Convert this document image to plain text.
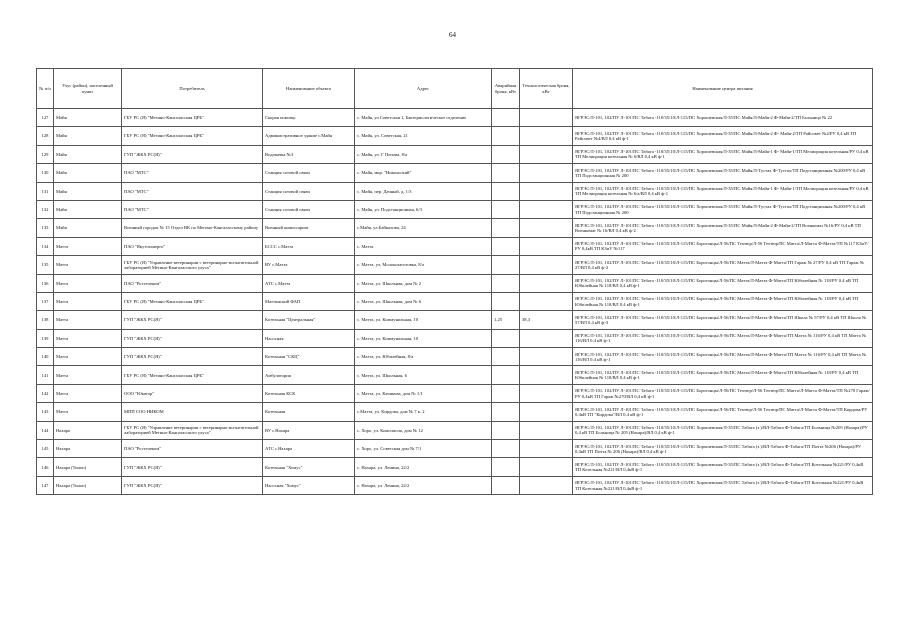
64
№ п/п	Улус (район), населенный пункт	Потребитель	Наименование объекта	Адрес	Аварийная броня, кВт	Технологическая броня, кВт	Наименование центра питания
127	Майя	ГБУ РС (Я) "Мегино-Кангаласская ЦРБ"	Скорая помощь	с. Майя, ул.Советская 1, Бактериологическое отделение			ЯГРЭС/Л-101, 102/ПУ Л-101/ПС Табага -110/35/10/Л-115/ПС Хорошевская/Л-35/ПС Майя/Л-Майя-2 Ф-Майя-2/ТП Больница № 22
128	Майя	ГБУ РС (Я) "Мегино-Кангаласская ЦРБ"	Административное здание с.Майя	с. Майя, ул. Советская, 21			ЯГРЭС/Л-101, 102/ПУ Л-101/ПС Табага -110/35/10/Л-115/ПС Хорошевская/Л-35/ПС Майя/Л-Майя-2 Ф- Майя-2/ТП Райсовет №4/РУ 0,4 кВ ТП Райсовет №4/ВЛ 0,4 кВ ф-1
129	Майя	ГУП "ЖКХ РС(Я)"	Водокачка №3	с. Майя, ул. Г Попова, 8/а			ЯГРЭС/Л-101, 102/ПУ Л-101/ПС Табага -110/35/10/Л-115/ПС Хорошевская/Л-35/ПС Майя/Л-Майя-1 Ф- Майя-1/ТП Мелиорация котельная/РУ 0,4 кВ ТП Мелиорация котельная № 6/ВЛ 0,4 кВ ф-1
130	Майя	ПАО "МТС"	Станция сотовой связи	с. Майя, мкр. "Никольский"			ЯГРЭС/Л-101, 102/ПУ Л-101/ПС Табага -110/35/10/Л-115/ПС Хорошевская/Л-35/ПС Майя/Л-Тустах Ф-Тустах/ТП Подстанционная №200/РУ 0,4 кВ ТП Подстанционная № 200
131	Майя	ПАО "МТС"	Станция сотовой связи	с. Майя, пер. Дачный, д. 1/3			ЯГРЭС/Л-101, 102/ПУ Л-101/ПС Табага -110/35/10/Л-115/ПС Хорошевская/Л-35/ПС Майя/Л-Майя-1 Ф- Майя-1/ТП Мелиорация котельная/РУ 0,4 кВ ТП Мелиорация котельная № 6/а/ВЛ 0,4 кВ ф-1
132	Майя	ПАО "МТС"	Станция сотовой связи	с. Майя, ул. Подстанционная, 6/3			ЯГРЭС/Л-101, 102/ПУ Л-101/ПС Табага -110/35/10/Л-115/ПС Хорошевская/Л-35/ПС Майя/Л-Тустах Ф-Тустах/ТП Подстанционная №200/РУ 0,4 кВ ТП Подстанционная № 200
133	Майя	Военный городок № 15 Отдел ВК по Мегино-Кангаласскому району	Военный комиссариат	с.Майя, ул.Байкалова, 24			ЯГРЭС/Л-101, 102/ПУ Л-101/ПС Табага -110/35/10/Л-115/ПС Хорошевская/Л-35/ПС Майя/Л-Майя-2 Ф-Майя-2/ТП Военкомат №16/РУ 0,4 кВ ТП Военкомат № 16/ВЛ 0,4 кВ ф-2
134	Матта	ПАО "Якутскэнерго"	БССС с.Матта	с. Матта			ЯГРЭС/Л-101, 102/ПУ Л-101/ПС Табага -110/35/10/Л-115/ПС Борогонцы/Л-56/ПС Техтюр/Л-56 Техтюр/ПС Матта/Л-Матта Ф-Матта/ТП №117 КЗиУ/РУ 0,4кВ ТП КЗиУ №117
135	Матта	ГБУ РС (Я) "Управление ветеринарии с ветеринарно-испытательной лабораторией Мегино-Кангаласского улуса"	ВУ с.Матта	с. Матта, ул. Молокозаготовка, 8/а			ЯГРЭС/Л-101, 102/ПУ Л-101/ПС Табага -110/35/10/Л-115/ПС Борогонцы/Л-56/ПС Матта/Л-Матта Ф-Матта/ТП Гараж № 27/РУ 0,4 кВ ТП Гараж № 27/ВЛ 0,4 кВ ф-2
136	Матта	ПАО "Ростелеком"	АТС с.Матта	с. Матта, ул. Школьная, дом № 2			ЯГРЭС/Л-101, 102/ПУ Л-101/ПС Табага -110/35/10/Л-115/ПС Борогонцы/Л-56/ПС Матта/Л-Матта Ф-Матта/ТП Юбилейная № 118/РУ 0,4 кВ ТП Юбилейная № 118/ВЛ 0,4 кВ ф-1
137	Матта	ГБУ РС (Я) "Мегино-Кангаласская ЦРБ"	Маттинский ФАП	с. Матта, ул. Школьная, дом № 6			ЯГРЭС/Л-101, 102/ПУ Л-101/ПС Табага -110/35/10/Л-115/ПС Борогонцы/Л-56/ПС Матта/Л-Матта Ф-Матта/ТП Юбилейная № 118/РУ 0,4 кВ ТП Юбилейная № 118/ВЛ 0,4 кВ ф-1
138	Матта	ГУП "ЖКХ РС(Я)"	Котельная "Центральная"	с. Матта, ул. Коммунальная, 10	1,25	38,3	ЯГРЭС/Л-101, 102/ПУ Л-101/ПС Табага -110/35/10/Л-115/ПС Борогонцы/Л-56/ПС Матта/Л-Матта Ф-Матта/ТП Школа № 57/РУ 0,4 кВ ТП Школа № 57/ВЛ 0,4 кВ ф-3
139	Матта	ГУП "ЖКХ РС(Я)"	Насосная	с. Матта, ул. Коммунальная, 10			ЯГРЭС/Л-101, 102/ПУ Л-101/ПС Табага -110/35/10/Л-115/ПС Борогонцы/Л-56/ПС Матта/Л-Матта Ф-Матта/ТП Матта № 116/РУ 0,4 кВ ТП Матта № 116/ВЛ 0,4 кВ ф-1
140	Матта	ГУП "ЖКХ РС(Я)"	Котельная "СКЦ"	с. Матта, ул. Юбилейная, 8/а			ЯГРЭС/Л-101, 102/ПУ Л-101/ПС Табага -110/35/10/Л-115/ПС Борогонцы/Л-56/ПС Матта/Л-Матта Ф-Матта/ТП Матта № 116/РУ 0,4 кВ ТП Матта № 116/ВЛ 0,4 кВ ф-1
141	Матта	ГБУ РС (Я) "Мегино-Кангаласская ЦРБ"	Амбулатория	с. Матта, ул. Школьная, 6			ЯГРЭС/Л-101, 102/ПУ Л-101/ПС Табага -110/35/10/Л-115/ПС Борогонцы/Л-56/ПС Матта/Л-Матта Ф-Матта/ТП Юбилейная № 118/РУ 0,4 кВ ТП Юбилейная № 118/ВЛ 0,4 кВ ф-1
142	Матта	ООО "Юкатор"	Котельная КСК	с. Матта, ул. Качикова, дом № 1/1			ЯГРЭС/Л-101, 102/ПУ Л-101/ПС Табага -110/35/10/Л-115/ПС Борогонцы/Л-56/ПС Техтюр/Л-56 Техтюр/ПС Матта/Л-Матта Ф-Матта/ТП №270 Гараж/РУ 0,4кВ ТП Гараж №270/ВЛ 0,4 кВ ф-1
143	Матта	МПП СОО НИКОМ	Котельная	с.Матта, ул. Кирдова, дом № 7 к. 2			ЯГРЭС/Л-101, 102/ПУ Л-101/ПС Табага -110/35/10/Л-115/ПС Борогонцы/Л-56/ПС Техтюр/Л-56 Техтюр/ПС Матта/Л-Матта Ф-Матта/ТП Кирдова/РУ 0,4кВ ТП "Кирдова"/ВЛ 0,4 кВ ф-1
144	Нахара	ГБУ РС (Я) "Управление ветеринарии с ветеринарно-испытательной лабораторией Мегино-Кангаласского улуса"	ВУ с.Нахара	с. Хоро, ул. Комсомола, дом № 12			ЯГРЭС/Л-101, 102/ПУ Л-101/ПС Табага -110/35/10/Л-115/ПС Хорошевская/Л-35/ПС Табага (з.)/ВЛ-Табага Ф-Табага/ТП Больница №205 (Нахара)/РУ 0,4 кВ ТП Больница № 205 (Нахара)/ВЛ 0,4 кВ ф-1
145	Нахара	ПАО "Ростелеком"	АТС с.Нахара	с. Хоро, ул. Советская дом № 7/1			ЯГРЭС/Л-101, 102/ПУ Л-101/ПС Табага -110/35/10/Л-115/ПС Хорошевская/Л-35/ПС Табага (з.)/ВЛ-Табага Ф-Табага/ТП Почта №206 (Нахара)/РУ 0,4кВ ТП Почта № 206 (Нахара)/ВЛ 0,4 кВ ф-1
146	Нахара (Тоноп)	ГУП "ЖКХ РС(Я)"	Котельная "Хомус"	с. Нахара, ул. Ленина, 22/2			ЯГРЭС/Л-101, 102/ПУ Л-101/ПС Табага -110/35/10/Л-115/ПС Хорошевская/Л-35/ПС Табага (з.)/ВЛ-Табага Ф-Табага/ТП Котельная №221/РУ 0,4кВ ТП Котельная №221/ВЛ 0,4кВ ф-1
147	Нахара (Тоноп)	ГУП "ЖКХ РС(Я)"	Насосная "Хомус"	с. Нахара, ул. Ленина, 22/2			ЯГРЭС/Л-101, 102/ПУ Л-101/ПС Табага -110/35/10/Л-115/ПС Хорошевская/Л-35/ПС Табага (з.)/ВЛ-Табага Ф-Табага/ТП Котельная №221/РУ 0,4кВ ТП Котельная №221/ВЛ 0,4кВ ф-1
